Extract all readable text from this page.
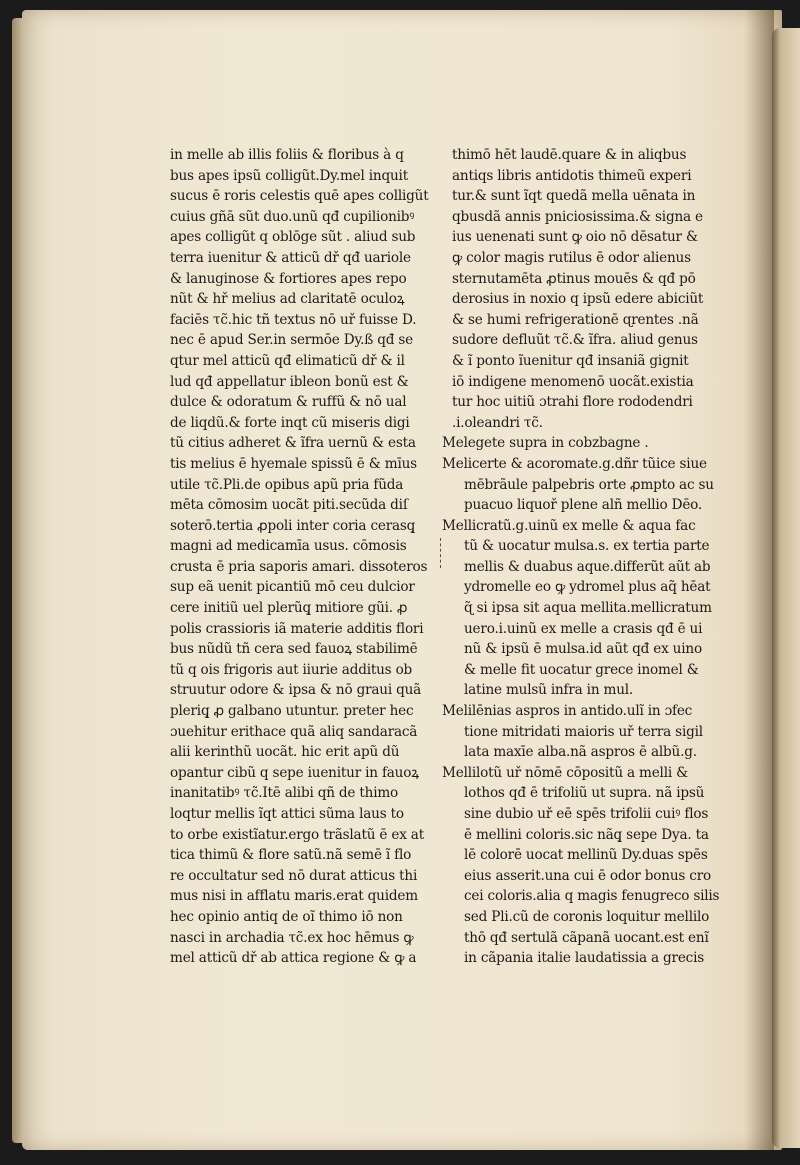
in melle ab illis foliis & floribus à q
bus apes ipsũ colligũt.Dy.mel inquit
sucus ē roris celestis quē apes colligũt
cuius gñā sũt duo.unũ qđ cupilionibꝰ
apes colligũt q oblōge sũt . aliud sub
terra iuenitur & atticũ dř qđ uariole
& lanuginose & fortiores apes repo
nũt & hř melius ad claritatē oculoꝝ
faciēs τc̃.hic tñ textus nō uř fuisse D.
nec ē apud Ser.in sermōe Dy.ß qđ se
qtur mel atticũ qđ elimaticũ dř & il
lud qđ appellatur ibleon bonũ est &
dulce & odoratum & ruffũ & nō ual
de liqdũ.& forte inqt cũ miseris digi
tũ citius adheret & ĩfra uernũ & esta
tis melius ē hyemale spissũ ē & mīus
utile τc̃.Pli.de opibus apũ pria fũda
mēta cōmosim uocãt piti.secũda diſ
soterō.tertia ꝓpoli inter coria cerasq̧
magni ad medicamīa usus. cōmosis
crusta ē pria saporis amari. dissoteros
sup eã uenit picantiũ mō ceu dulcior
cere initiũ uel plerũq̧ mitiore gũi. ꝓ
polis crassioris iã materie additis flori
bus nũdũ tñ cera sed fauoꝝ stabilimē
tũ q ois frigoris aut iiurie additus ob
struutur odore & ipsa & nō graui quã
pleriq̧ ꝓ galbano utuntur. preter hec
ɔuehitur erithace quã aliq sandaracã
alii kerinthũ uocãt. hic erit apũ dũ
opantur cibũ q sepe iuenitur in fauoꝝ
inanitatibꝰ τc̃.Itē alibi qñ de thimo
loqtur mellis ĩqt attici sũma laus to
to orbe existĩatur.ergo trãslatũ ē ex at
tica thimũ & flore satũ.nã semē ĩ flo
re occultatur sed nō durat atticus thi
mus nisi in afflatu maris.erat quidem
hec opinio antiq de oĩ thimo iō non
nasci in archadia τc̃.ex hoc hēmus ꝙ
mel atticũ dř ab attica regione & ꝙ a
thimō hēt laudē.quare & in aliqbus
antiqs libris antidotis thimeũ experi
tur.& sunt ĩqt quedã mella uēnata in
qbusdã annis pniciosissima.& signa e
ius uenenati sunt ꝙ oio nō dēsatur &
ꝙ color magis rutilus ē odor alienus
sternutamēta ꝓtinus mouēs & qđ pō
derosius in noxio q ipsũ edere abiciũt
& se humi refrigerationē ɋrentes .nã
sudore defluũt τc̃.& ĩfra. aliud genus
& ĩ ponto ĩuenitur qđ insaniã gignit
iō indigene menomenō uocãt.existia
tur hoc uitiũ ɔtrahi flore rododendri
.i.oleandri τc̃.
Melegete supra in cobzbagne .
Melicerte & acoromate.g.dñr tũice siue
mēbrãule palpebris orte ꝓmpto ac su
puacuo liquoř plene alñ mellio Dēo.
Mellicratũ.g.uinũ ex melle & aqua fac
tũ & uocatur mulsa.s. ex tertia parte
mellis & duabus aque.differũt aũt ab
ydromelle eo ꝙ ydromel plus aq̃ hēat
ɋ̃ si ipsa sit aqua mellita.mellicratum
uero.i.uinũ ex melle a crasis qđ ē ui
nũ & ipsũ ē mulsa.id aũt qđ ex uino
& melle fit uocatur grece inomel &
latine mulsũ infra in mul.
Melilēnias aspros in antido.ulĩ in ɔfec
tione mitridati maioris uř terra sigil
lata maxīe alba.nã aspros ē albũ.g.
Mellilotũ uř nōmē cōpositũ a melli &
lothos qđ ē trifoliũ ut supra. nã ipsũ
sine dubio uř eē spēs trifolii cuiꝰ flos
ē mellini coloris.sic nãq̧ sepe Dya. ta
lē colorē uocat mellinũ Dy.duas spēs
eius asserit.una cui ē odor bonus cro
cei coloris.alia q magis fenugreco silis
sed Pli.cũ de coronis loquitur mellilo
thō qđ sertulã cãpanã uocant.est enĩ
in cãpania italie laudatissia a grecis
